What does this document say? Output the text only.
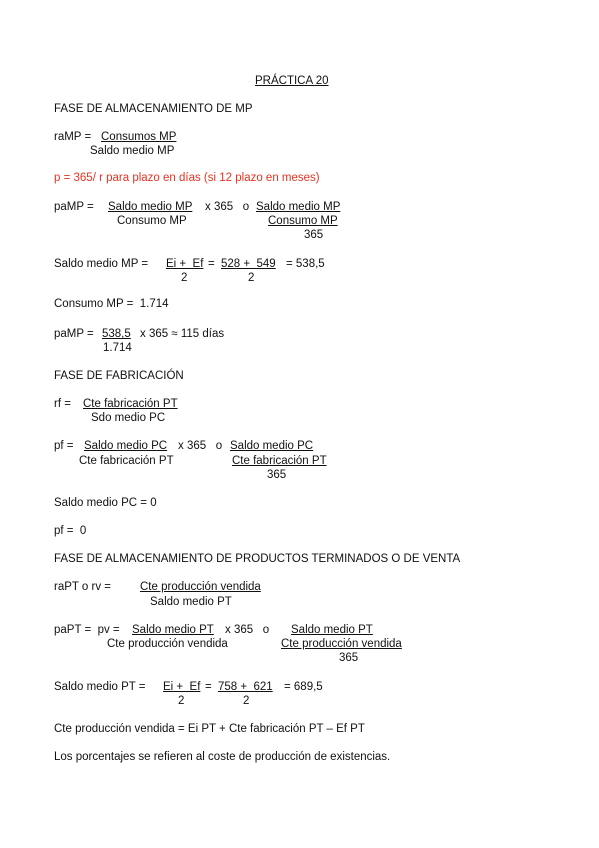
PRÁCTICA 20
FASE DE ALMACENAMIENTO DE MP
raMP = Consumos MP
Saldo medio MP
p = 365/ r para plazo en días (si 12 plazo en meses)
paMP = Saldo medio MP x 365   o Saldo medio MP
Consumo MP	Consumo MP
365
Saldo medio MP = Ei +  Ef = 528 +  549 = 538,5
2	2
Consumo MP =  1.714
paMP = 538,5 x 365 ≈ 115 días
1.714
FASE DE FABRICACIÓN
rf = Cte fabricación PT
Sdo medio PC
pf = Saldo medio PC x 365   o Saldo medio PC
Cte fabricación PT	Cte fabricación PT
365
Saldo medio PC = 0
pf =  0
FASE DE ALMACENAMIENTO DE PRODUCTOS TERMINADOS O DE VENTA
raPT o rv =	Cte producción vendida
Saldo medio PT
paPT =  pv = Saldo medio PT x 365   o Saldo medio PT
Cte producción vendida	Cte producción vendida
365
Saldo medio PT = Ei +  Ef = 758 +  621 = 689,5
2	2
Cte producción vendida = Ei PT + Cte fabricación PT – Ef PT
Los porcentajes se refieren al coste de producción de existencias.
